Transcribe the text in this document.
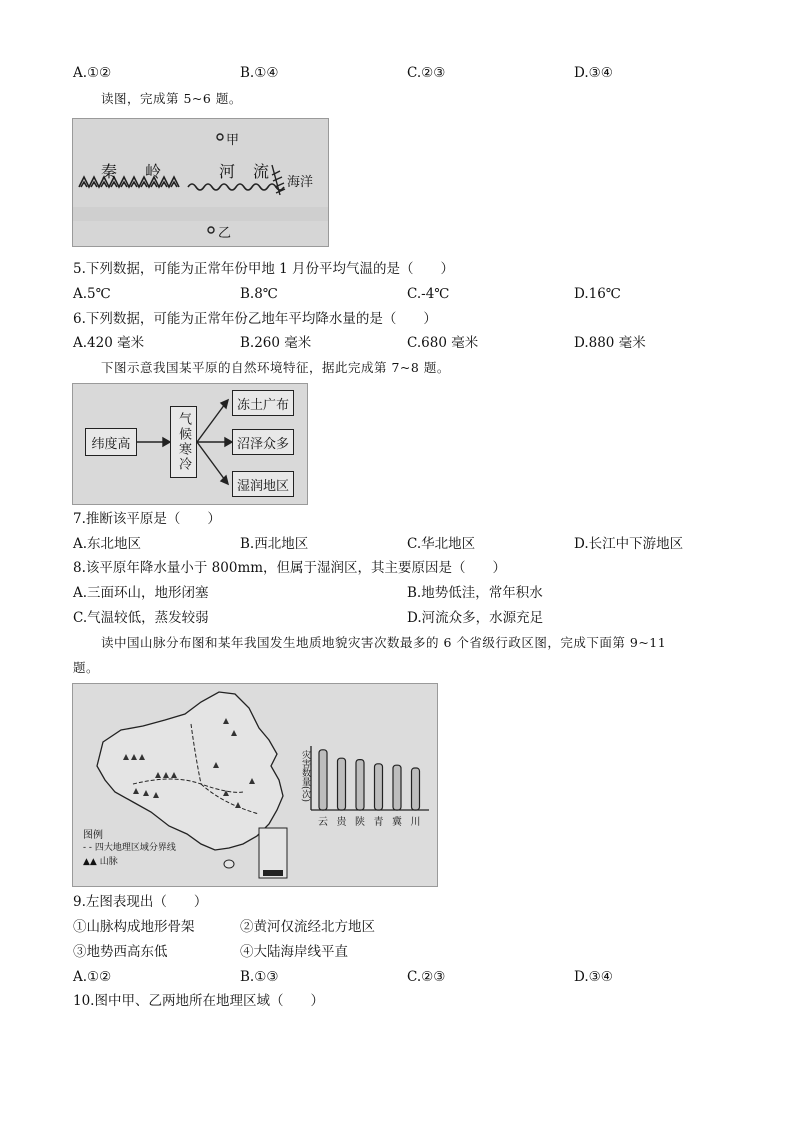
A.①②	B.①④	C.②③	D.③④
读图，完成第 5~6 题。
甲
乙
秦 岭	河 流
海洋
5.下列数据，可能为正常年份甲地 1 月份平均气温的是（　　）
A.5℃	B.8℃	C.-4℃	D.16℃
6.下列数据，可能为正常年份乙地年平均降水量的是（　　）
A.420 毫米	B.260 毫米	C.680 毫米	D.880 毫米
下图示意我国某平原的自然环境特征，据此完成第 7~8 题。
纬度高	气候寒冷
冻土广布
沼泽众多
湿润地区
7.推断该平原是（　　）
A.东北地区	B.西北地区	C.华北地区	D.长江中下游地区
8.该平原年降水量小于 800mm，但属于湿润区，其主要原因是（　　）
A.三面环山，地形闭塞	B.地势低洼，常年积水
C.气温较低，蒸发较弱	D.河流众多，水源充足
读中国山脉分布图和某年我国发生地质地貌灾害次数最多的 6 个省级行政区图，完成下面第 9~11
题。
图例
- - 四大地理区域分界线
▲▲ 山脉
灾害数量(次)
云 贵 陕 青 冀 川
9.左图表现出（　　）
①山脉构成地形骨架	②黄河仅流经北方地区
③地势西高东低	④大陆海岸线平直
A.①②	B.①③	C.②③	D.③④
10.图中甲、乙两地所在地理区域（　　）
